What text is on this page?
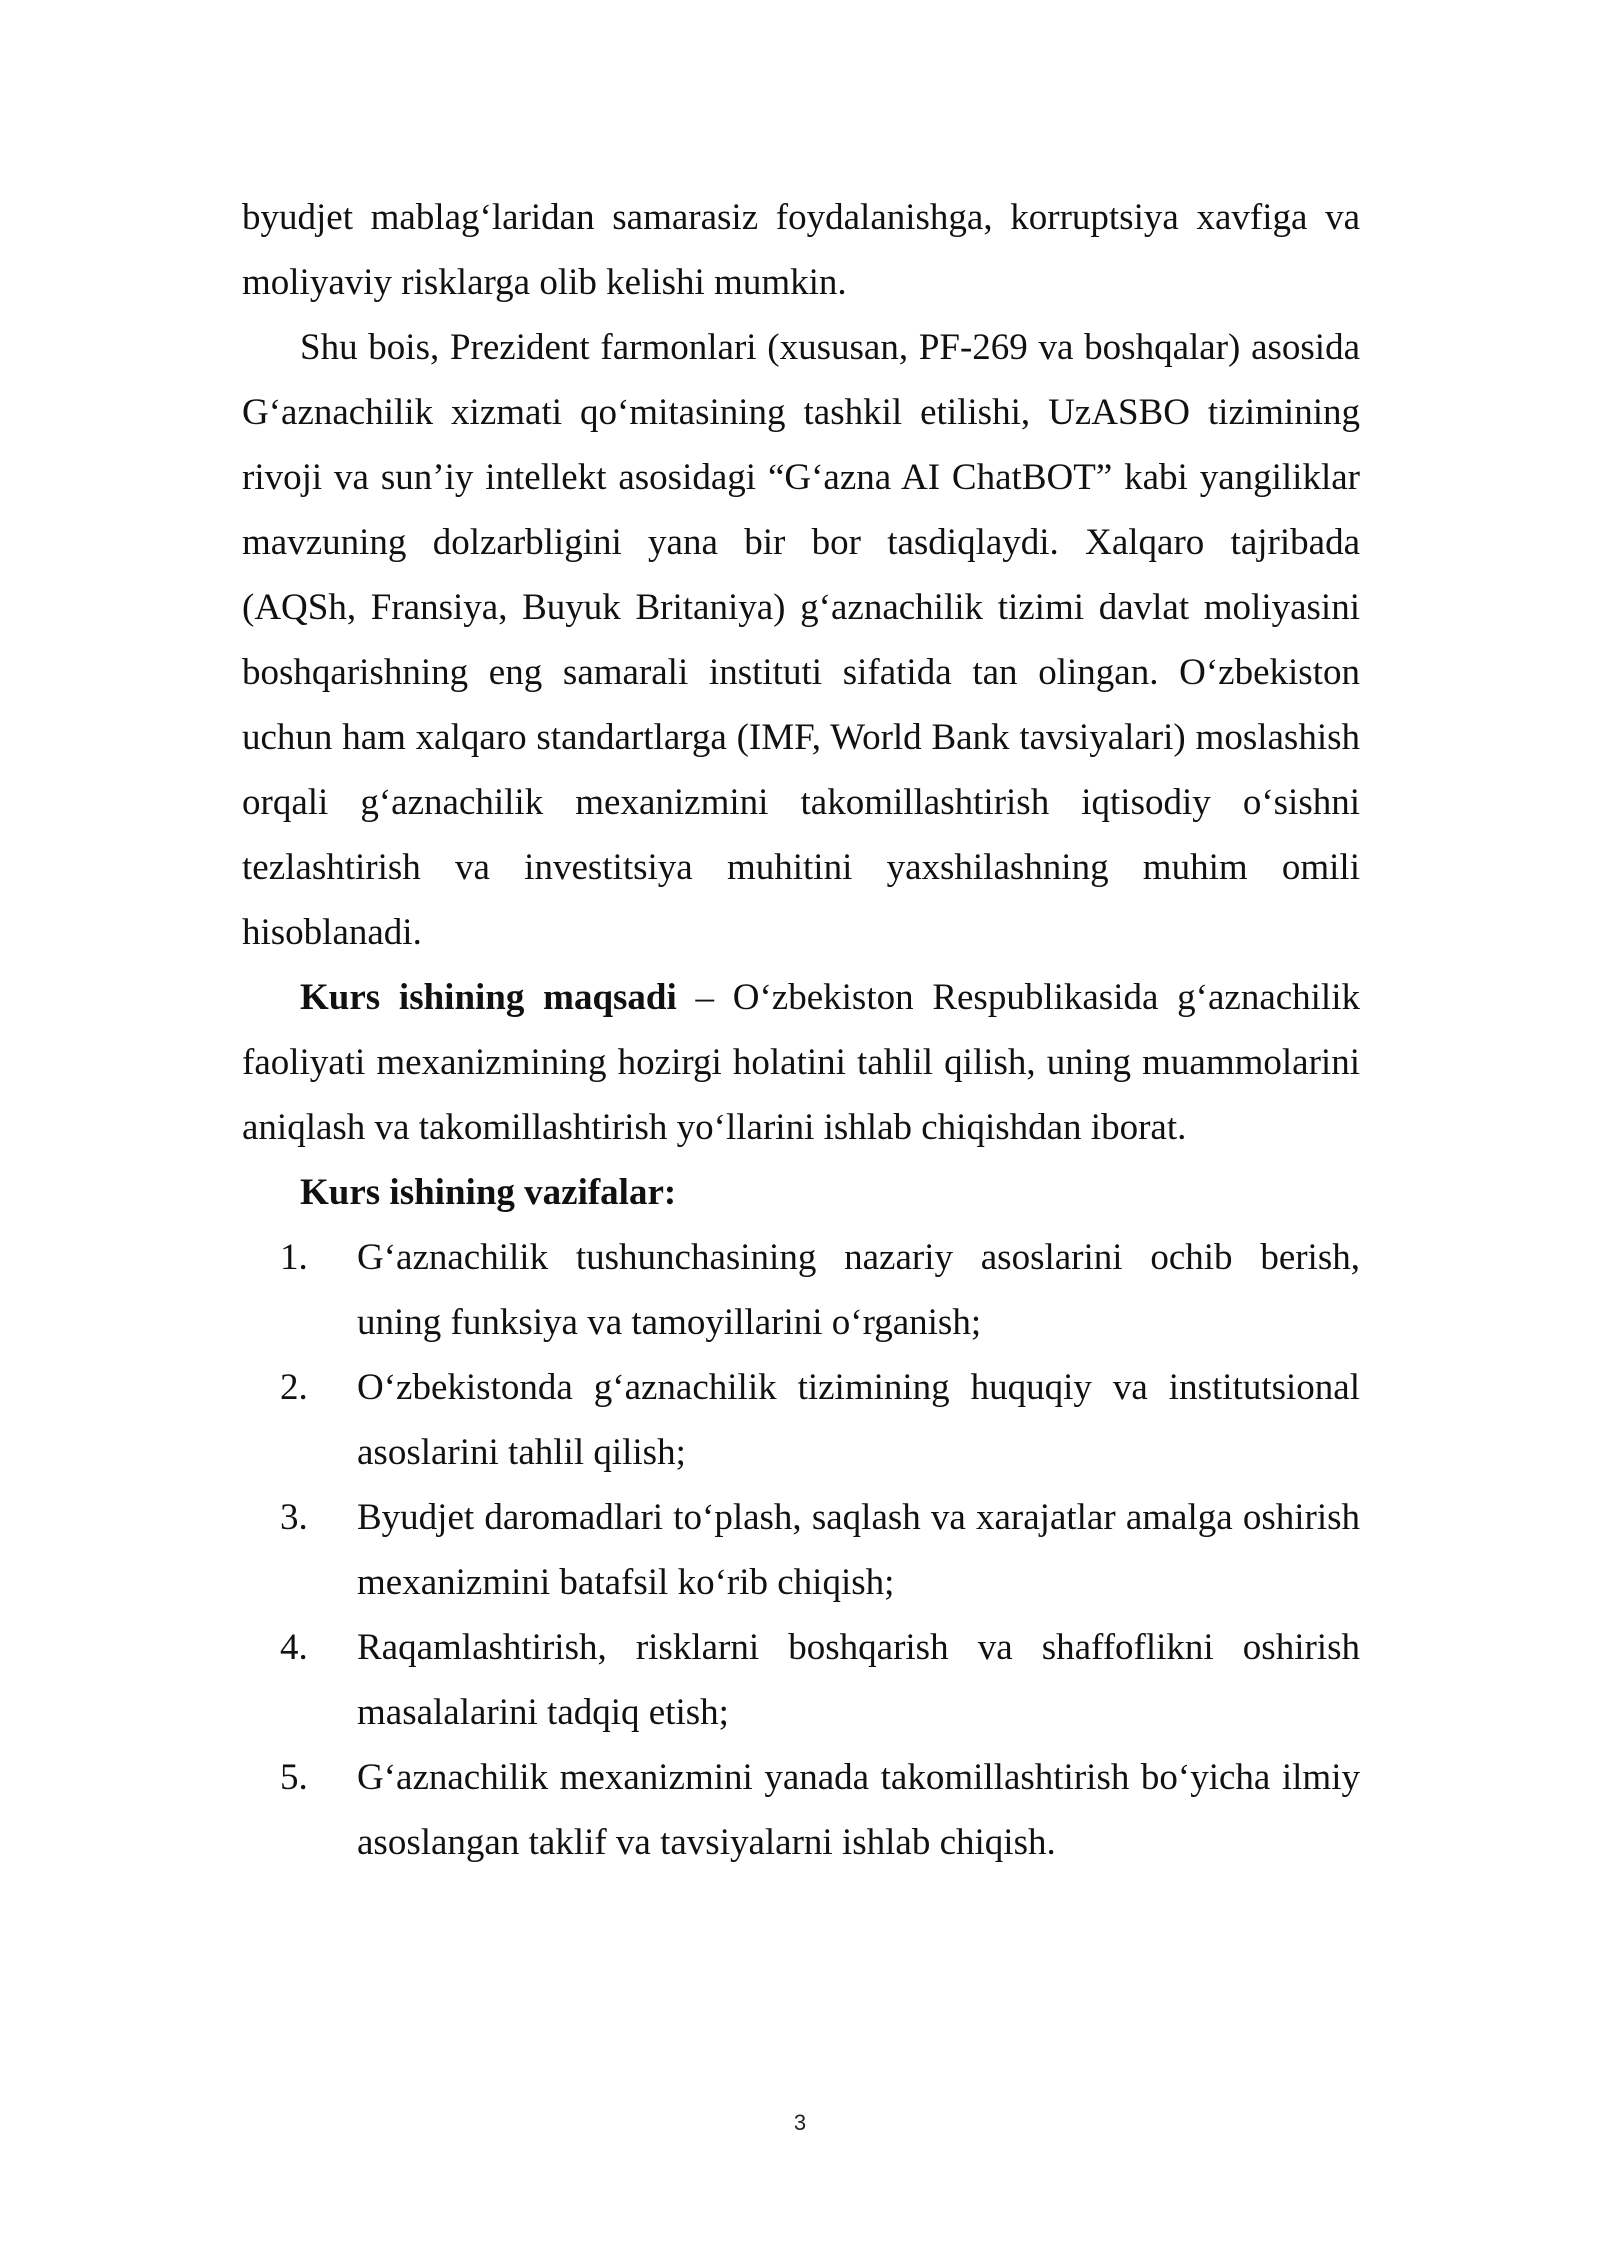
byudjet mablag‘laridan samarasiz foydalanishga, korruptsiya xavfiga va moliyaviy risklarga olib kelishi mumkin.

Shu bois, Prezident farmonlari (xususan, PF-269 va boshqalar) asosida G‘aznachilik xizmati qo‘mitasining tashkil etilishi, UzASBO tizimining rivoji va sun’iy intellekt asosidagi “G‘azna AI ChatBOT” kabi yangiliklar mavzuning dolzarbligini yana bir bor tasdiqlaydi. Xalqaro tajribada (AQSh, Fransiya, Buyuk Britaniya) g‘aznachilik tizimi davlat moliyasini boshqarishning eng samarali instituti sifatida tan olingan. O‘zbekiston uchun ham xalqaro standartlarga (IMF, World Bank tavsiyalari) moslashish orqali g‘aznachilik mexanizmini takomillashtirish iqtisodiy o‘sishni tezlashtirish va investitsiya muhitini yaxshilashning muhim omili hisoblanadi.

Kurs ishining maqsadi – O‘zbekiston Respublikasida g‘aznachilik faoliyati mexanizmining hozirgi holatini tahlil qilish, uning muammolarini aniqlash va takomillashtirish yo‘llarini ishlab chiqishdan iborat.

Kurs ishining vazifalar:

1. G‘aznachilik tushunchasining nazariy asoslarini ochib berish, uning funksiya va tamoyillarini o‘rganish;
2. O‘zbekistonda g‘aznachilik tizimining huquqiy va institutsional asoslarini tahlil qilish;
3. Byudjet daromadlari to‘plash, saqlash va xarajatlar amalga oshirish mexanizmini batafsil ko‘rib chiqish;
4. Raqamlashtirish, risklarni boshqarish va shaffoflikni oshirish masalalarini tadqiq etish;
5. G‘aznachilik mexanizmini yanada takomillashtirish bo‘yicha ilmiy asoslangan taklif va tavsiyalarni ishlab chiqish.
3
